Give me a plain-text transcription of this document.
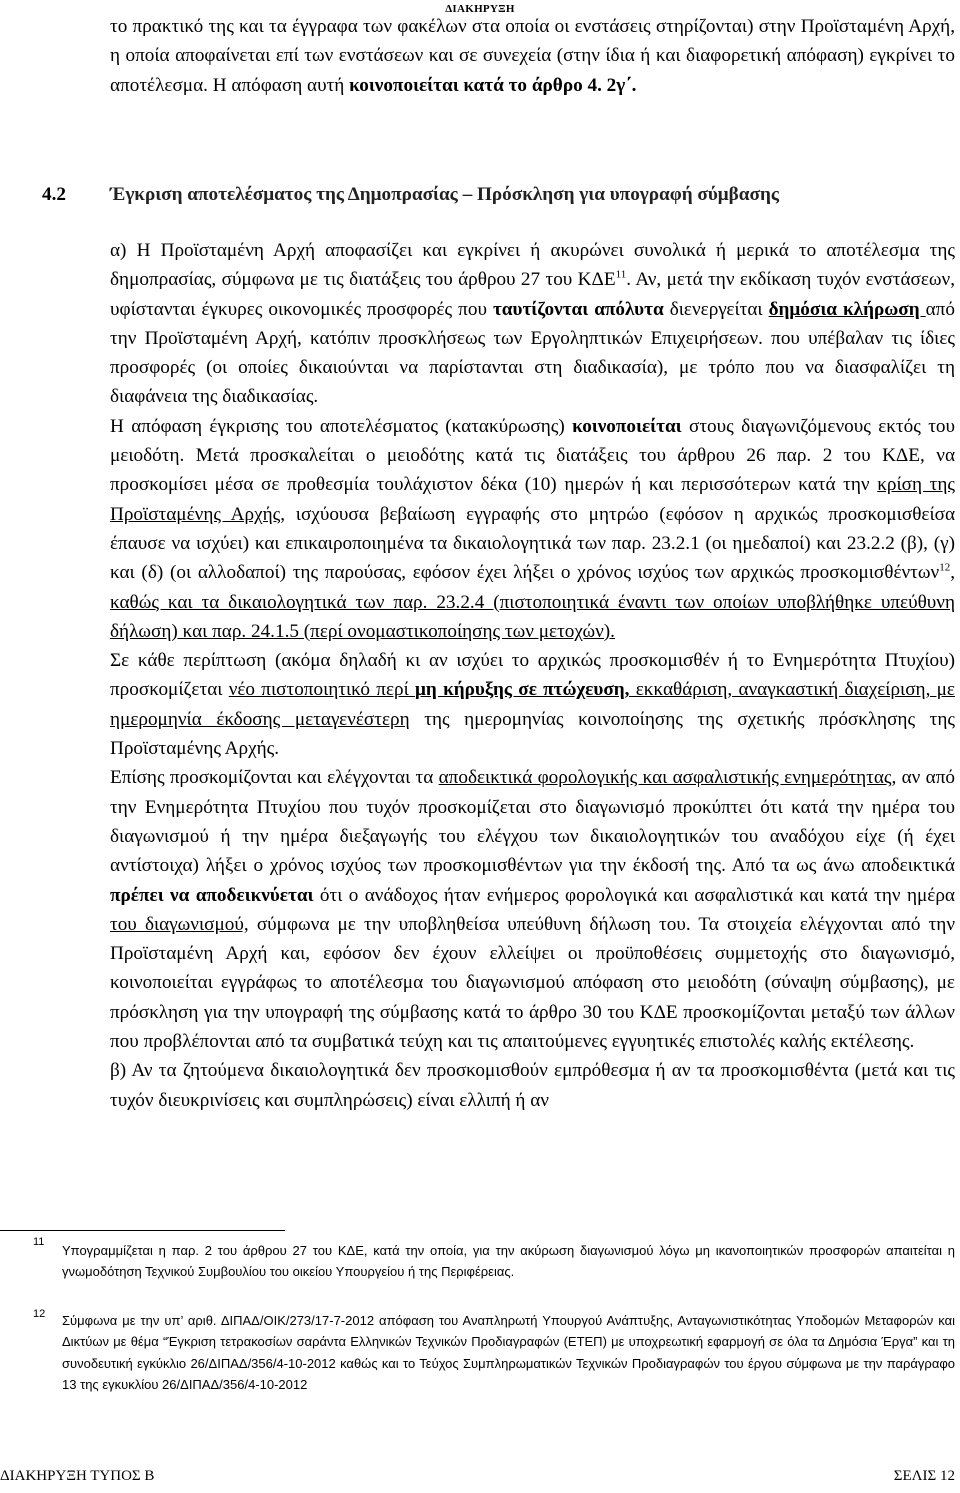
ΔΙΑΚΗΡΥΞΗ
το πρακτικό της και τα έγγραφα των φακέλων στα οποία οι ενστάσεις στηρίζονται) στην Προϊσταμένη Αρχή, η οποία αποφαίνεται επί των ενστάσεων και σε συνεχεία (στην ίδια ή και διαφορετική απόφαση) εγκρίνει το αποτέλεσμα. Η απόφαση αυτή κοινοποιείται κατά το άρθρο 4. 2γ΄.
4.2 Έγκριση αποτελέσματος της Δημοπρασίας – Πρόσκληση για υπογραφή σύμβασης
α) Η Προϊσταμένη Αρχή αποφασίζει και εγκρίνει ή ακυρώνει συνολικά ή μερικά το αποτέλεσμα της δημοπρασίας, σύμφωνα με τις διατάξεις του άρθρου 27 του ΚΔΕ$^{11}$. Αν, μετά την εκδίκαση τυχόν ενστάσεων, υφίστανται έγκυρες οικονομικές προσφορές που ταυτίζονται απόλυτα διενεργείται δημόσια κλήρωση από την Προϊσταμένη Αρχή, κατόπιν προσκλήσεως των Εργοληπτικών Επιχειρήσεων. που υπέβαλαν τις ίδιες προσφορές (οι οποίες δικαιούνται να παρίστανται στη διαδικασία), με τρόπο που να διασφαλίζει τη διαφάνεια της διαδικασίας.
Η απόφαση έγκρισης του αποτελέσματος (κατακύρωσης) κοινοποιείται στους διαγωνιζόμενους εκτός του μειοδότη. Μετά προσκαλείται ο μειοδότης κατά τις διατάξεις του άρθρου 26 παρ. 2 του ΚΔΕ, να προσκομίσει μέσα σε προθεσμία τουλάχιστον δέκα (10) ημερών ή και περισσότερων κατά την κρίση της Προϊσταμένης Αρχής, ισχύουσα βεβαίωση εγγραφής στο μητρώο (εφόσον η αρχικώς προσκομισθείσα έπαυσε να ισχύει) και επικαιροποιημένα τα δικαιολογητικά των παρ. 23.2.1 (οι ημεδαποί) και 23.2.2 (β), (γ) και (δ) (οι αλλοδαποί) της παρούσας, εφόσον έχει λήξει ο χρόνος ισχύος των αρχικώς προσκομισθέντων$^{12}$, καθώς και τα δικαιολογητικά των παρ. 23.2.4 (πιστοποιητικά έναντι των οποίων υποβλήθηκε υπεύθυνη δήλωση) και παρ. 24.1.5 (περί ονομαστικοποίησης των μετοχών).
Σε κάθε περίπτωση (ακόμα δηλαδή κι αν ισχύει το αρχικώς προσκομισθέν ή το Ενημερότητα Πτυχίου) προσκομίζεται νέο πιστοποιητικό περί μη κήρυξης σε πτώχευση, εκκαθάριση, αναγκαστική διαχείριση, με ημερομηνία έκδοσης μεταγενέστερη της ημερομηνίας κοινοποίησης της σχετικής πρόσκλησης της Προϊσταμένης Αρχής.
Επίσης προσκομίζονται και ελέγχονται τα αποδεικτικά φορολογικής και ασφαλιστικής ενημερότητας, αν από την Ενημερότητα Πτυχίου που τυχόν προσκομίζεται στο διαγωνισμό προκύπτει ότι κατά την ημέρα του διαγωνισμού ή την ημέρα διεξαγωγής του ελέγχου των δικαιολογητικών του αναδόχου είχε (ή έχει αντίστοιχα) λήξει ο χρόνος ισχύος των προσκομισθέντων για την έκδοσή της. Από τα ως άνω αποδεικτικά πρέπει να αποδεικνύεται ότι ο ανάδοχος ήταν ενήμερος φορολογικά και ασφαλιστικά και κατά την ημέρα του διαγωνισμού, σύμφωνα με την υποβληθείσα υπεύθυνη δήλωση του. Τα στοιχεία ελέγχονται από την Προϊσταμένη Αρχή και, εφόσον δεν έχουν ελλείψει οι προϋποθέσεις συμμετοχής στο διαγωνισμό, κοινοποιείται εγγράφως το αποτέλεσμα του διαγωνισμού απόφαση στο μειοδότη (σύναψη σύμβασης), με πρόσκληση για την υπογραφή της σύμβασης κατά το άρθρο 30 του ΚΔΕ προσκομίζονται μεταξύ των άλλων που προβλέπονται από τα συμβατικά τεύχη και τις απαιτούμενες εγγυητικές επιστολές καλής εκτέλεσης.
β) Αν τα ζητούμενα δικαιολογητικά δεν προσκομισθούν εμπρόθεσμα ή αν τα προσκομισθέντα (μετά και τις τυχόν διευκρινίσεις και συμπληρώσεις) είναι ελλιπή ή αν
11
Υπογραμμίζεται η παρ. 2 του άρθρου 27 του ΚΔΕ, κατά την οποία, για την ακύρωση διαγωνισμού λόγω μη ικανοποιητικών προσφορών απαιτείται η γνωμοδότηση Τεχνικού Συμβουλίου του οικείου Υπουργείου ή της Περιφέρειας.
12 Σύμφωνα με την υπ’ αριθ. ΔΙΠΑΔ/ΟΙΚ/273/17-7-2012 απόφαση του Αναπληρωτή Υπουργού Ανάπτυξης, Ανταγωνιστικότητας Υποδομών Μεταφορών και Δικτύων με θέμα “Έγκριση τετρακοσίων σαράντα Ελληνικών Τεχνικών Προδιαγραφών (ΕΤΕΠ) με υποχρεωτική εφαρμογή σε όλα τα Δημόσια Έργα” και τη συνοδευτική εγκύκλιο 26/ΔΙΠΑΔ/356/4-10-2012 καθώς και το Τεύχος Συμπληρωματικών Τεχνικών Προδιαγραφών του έργου σύμφωνα με την παράγραφο 13 της εγκυκλίου 26/ΔΙΠΑΔ/356/4-10-2012
ΔΙΑΚΗΡΥΞΗ ΤΥΠΟΣ Β	ΣΕΛΙΣ 12
